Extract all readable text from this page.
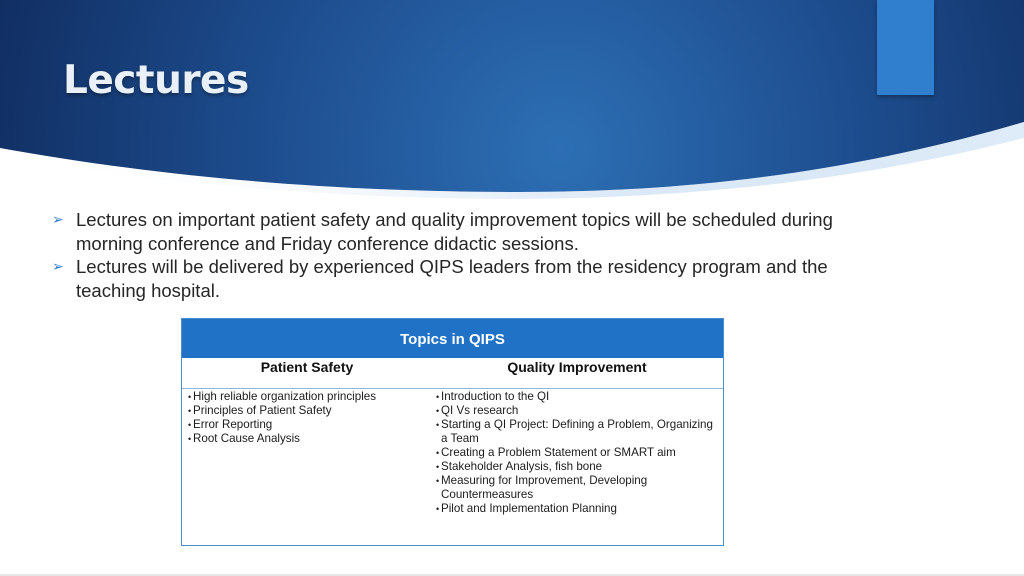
Lectures
➢ Lectures on important patient safety and quality improvement topics will be scheduled during morning conference and Friday conference didactic sessions.
➢ Lectures will be delivered by experienced QIPS leaders from the residency program and the teaching hospital.
Topics in QIPS
Patient Safety	Quality Improvement
• High reliable organization principles
• Principles of Patient Safety
• Error Reporting
• Root Cause Analysis
• Introduction to the QI
• QI Vs research
• Starting a QI Project: Defining a Problem, Organizing a Team
• Creating a Problem Statement or SMART aim
• Stakeholder Analysis, fish bone
• Measuring for Improvement, Developing Countermeasures
• Pilot and Implementation Planning
